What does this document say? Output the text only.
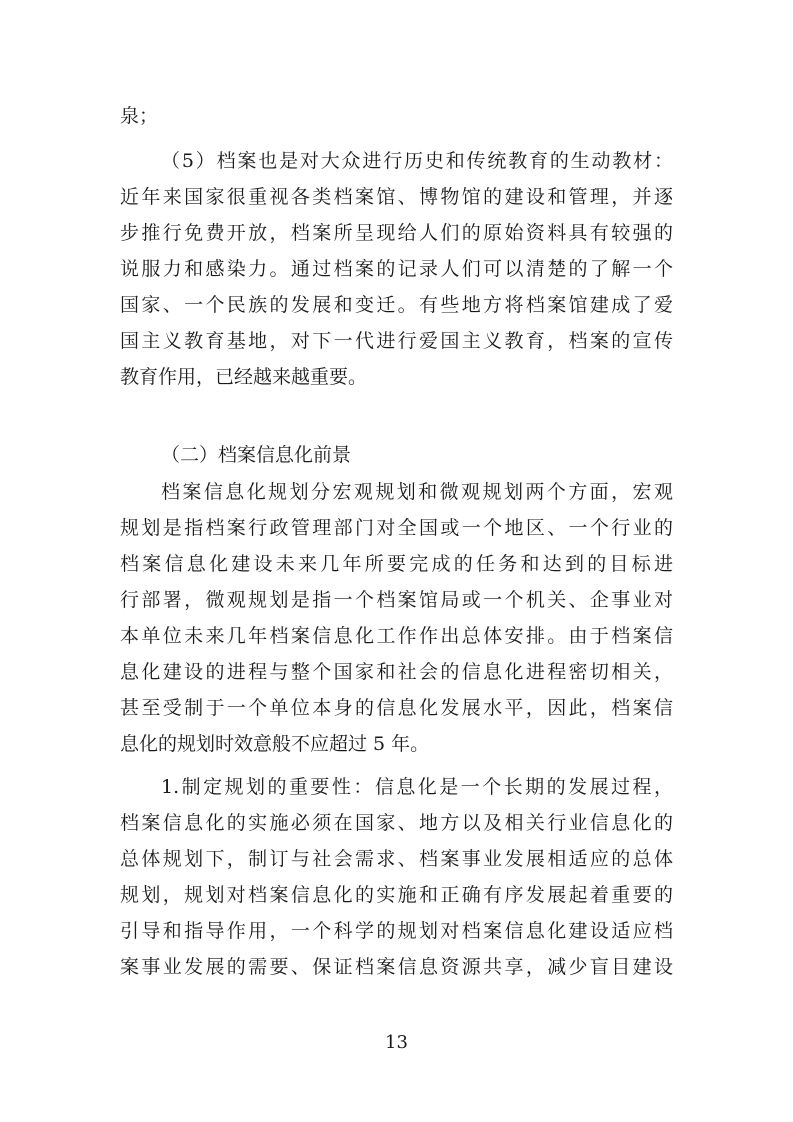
泉；
（5）档案也是对大众进行历史和传统教育的生动教材：
近年来国家很重视各类档案馆、博物馆的建设和管理，并逐
步推行免费开放，档案所呈现给人们的原始资料具有较强的
说服力和感染力。通过档案的记录人们可以清楚的了解一个
国家、一个民族的发展和变迁。有些地方将档案馆建成了爱
国主义教育基地，对下一代进行爱国主义教育，档案的宣传
教育作用，已经越来越重要。
（二）档案信息化前景
档案信息化规划分宏观规划和微观规划两个方面，宏观
规划是指档案行政管理部门对全国或一个地区、一个行业的
档案信息化建设未来几年所要完成的任务和达到的目标进
行部署，微观规划是指一个档案馆局或一个机关、企事业对
本单位未来几年档案信息化工作作出总体安排。由于档案信
息化建设的进程与整个国家和社会的信息化进程密切相关，
甚至受制于一个单位本身的信息化发展水平，因此，档案信
息化的规划时效意般不应超过 5 年。
1.制定规划的重要性：信息化是一个长期的发展过程，
档案信息化的实施必须在国家、地方以及相关行业信息化的
总体规划下，制订与社会需求、档案事业发展相适应的总体
规划，规划对档案信息化的实施和正确有序发展起着重要的
引导和指导作用，一个科学的规划对档案信息化建设适应档
案事业发展的需要、保证档案信息资源共享，减少盲目建设
13
